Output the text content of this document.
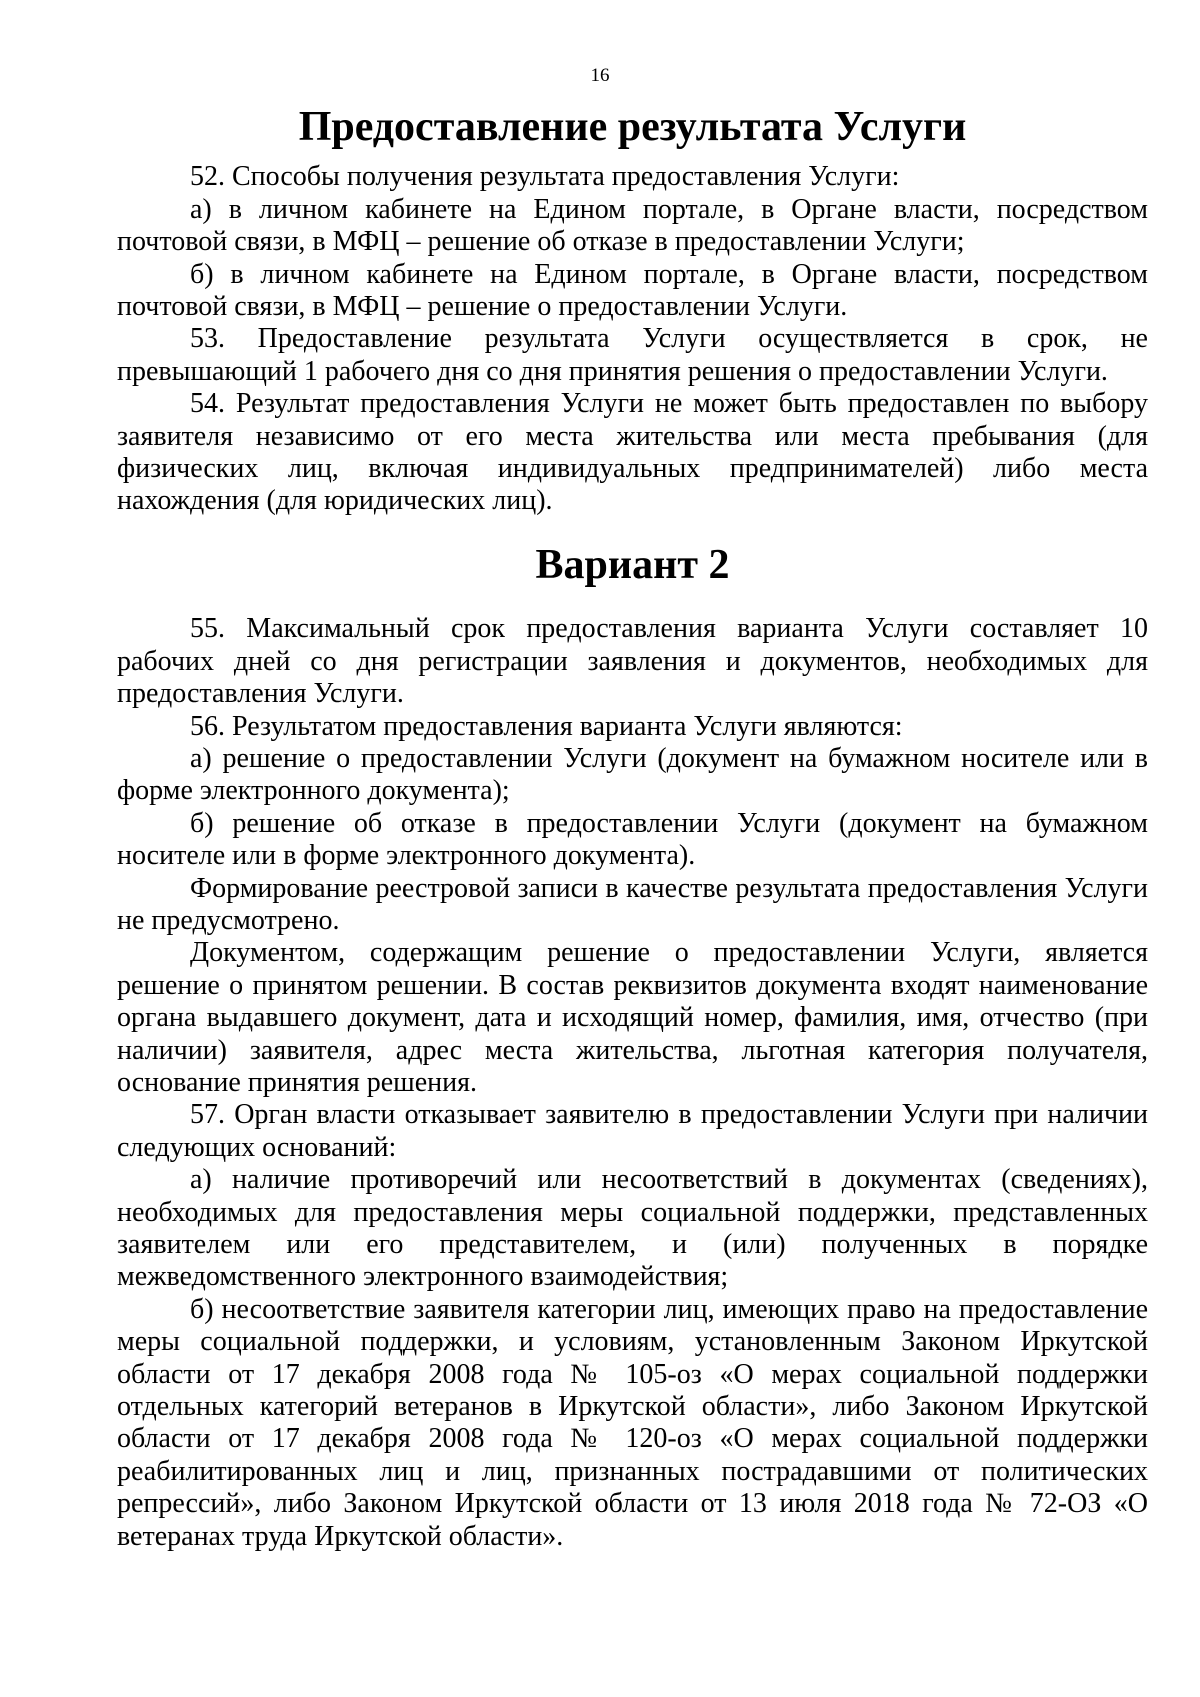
16
Предоставление результата Услуги

52. Способы получения результата предоставления Услуги:

а) в личном кабинете на Едином портале, в Органе власти, посредством почтовой связи, в МФЦ – решение об отказе в предоставлении Услуги;

б) в личном кабинете на Едином портале, в Органе власти, посредством почтовой связи, в МФЦ – решение о предоставлении Услуги.

53. Предоставление результата Услуги осуществляется в срок, не превышающий 1 рабочего дня со дня принятия решения о предоставлении Услуги.

54. Результат предоставления Услуги не может быть предоставлен по выбору заявителя независимо от его места жительства или места пребывания (для физических лиц, включая индивидуальных предпринимателей) либо места нахождения (для юридических лиц).

Вариант 2

55. Максимальный срок предоставления варианта Услуги составляет 10 рабочих дней со дня регистрации заявления и документов, необходимых для предоставления Услуги.

56. Результатом предоставления варианта Услуги являются:

а) решение о предоставлении Услуги (документ на бумажном носителе или в форме электронного документа);

б) решение об отказе в предоставлении Услуги (документ на бумажном носителе или в форме электронного документа).

Формирование реестровой записи в качестве результата предоставления Услуги не предусмотрено.

Документом, содержащим решение о предоставлении Услуги, является решение о принятом решении. В состав реквизитов документа входят наименование органа выдавшего документ, дата и исходящий номер, фамилия, имя, отчество (при наличии) заявителя, адрес места жительства, льготная категория получателя, основание принятия решения.

57. Орган власти отказывает заявителю в предоставлении Услуги при наличии следующих оснований:

а) наличие противоречий или несоответствий в документах (сведениях), необходимых для предоставления меры социальной поддержки, представленных заявителем или его представителем, и (или) полученных в порядке межведомственного электронного взаимодействия;

б) несоответствие заявителя категории лиц, имеющих право на предоставление меры социальной поддержки, и условиям, установленным Законом Иркутской области от 17 декабря 2008 года № 105-оз «О мерах социальной поддержки отдельных категорий ветеранов в Иркутской области», либо Законом Иркутской области от 17 декабря 2008 года № 120-оз «О мерах социальной поддержки реабилитированных лиц и лиц, признанных пострадавшими от политических репрессий», либо Законом Иркутской области от 13 июля 2018 года № 72-ОЗ «О ветеранах труда Иркутской области».
